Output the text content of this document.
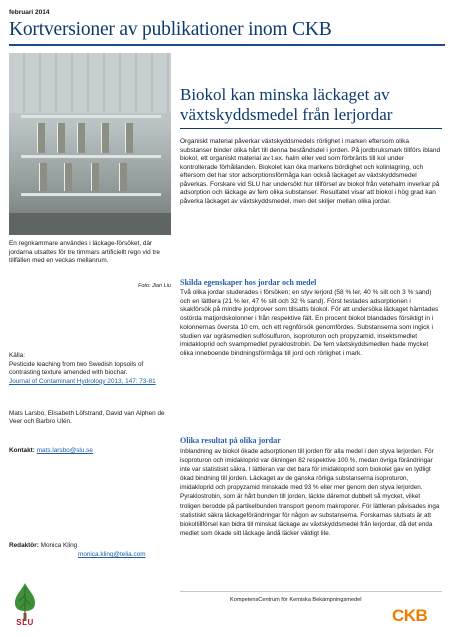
februari 2014
Kortversioner av publikationer inom CKB
En regnkammare användes i läckage-försöket, där jordarna utsattes för tre timmars artificiellt regn vid tre tillfällen med en veckas mellanrum.
Foto: Jian Liu
Källa:
Pesticide leaching from two Swedish topsoils of contrasting texture amended with biochar.
Journal of Contaminant Hydrology 2013, 147: 73-81
Mats Larsbo, Elisabeth Löfstrand, David van Alphen de Veer och Barbro Ulén.
Kontakt: mats.larsbo@slu.se
Redaktör: Monica Kling
monica.kling@telia.com
Biokol kan minska läckaget av växtskyddsmedel från lerjordar
Organiskt material påverkar växtskyddsmedels rörlighet i marken eftersom olika substanser binder olika hårt till denna beståndsdel i jorden. På jordbruksmark tillförs ibland biokol, ett organiskt material av t.ex. halm eller ved som förbränts till kol under kontrollerade förhållanden. Biokolet kan öka markens bördighet och kolinlagring, och eftersom det har stor adsorptionsförmåga kan också läckaget av växtskyddsmedel påverkas. Forskare vid SLU har undersökt hur tillförsel av biokol från vetehalm inverkar på adsorption och läckage av fem olika substanser. Resultatet visar att biokol i hög grad kan påverka läckaget av växtskyddsmedel, men det skiljer mellan olika jordar.
Skilda egenskaper hos jordar och medel
Två olika jordar studerades i försöken; en styv lerjord (58 % ler, 40 % silt och 3 % sand) och en lättlera (21 % ler, 47 % silt och 32 % sand). Först testades adsorptionen i skakförsök på mindre jordprover som tillsatts biokol. För att undersöka läckaget hämtades ostörda matjordskolonner i från respektive fält. En procent biokol blandades försiktigt in i kolonnernas översta 10 cm, och ett regnförsök genomfördes. Substanserna som ingick i studien var ogräsmedlen sulfosulfuron, isoproturon och propyzamid, insektsmedlet imidakloprid och svampmedlet pyraklostrobin. De fem växtskyddsmedlen hade mycket olika inneboende bindningsförmåga till jord och rörlighet i mark.
Olika resultat på olika jordar
Inblandning av biokol ökade adsorptionen till jorden för alla medel i den styva lerjorden. För isoproturon och imidakloprid var ökningen 82 respektive 100 %, medan övriga förändringar inte var statistiskt säkra. I lättleran var det bara för imidakloprid som biokolet gav en tydligt ökad bindning till jorden. Läckaget av de ganska rörliga substanserna isoproturon, imidakloprid och propyzamid minskade med 93 % eller mer genom den styva lerjorden. Pyraklostrobin, som är hårt bunden till jorden, läckte däremot dubbelt så mycket, vilket troligen berodde på partikelbunden transport genom makroporer. För lättleran påvisades inga statistiskt säkra läckageförändringar för någon av substanserna. Forskarnas slutsats är att biokoltillförsel kan bidra till minskat läckage av växtskyddsmedel från lerjordar, då det enda medlet som ökade sitt läckage ändå läcker väldigt lite.
KompetensCentrum för Kemiska Bekämpningsmedel
CKB
SLU
